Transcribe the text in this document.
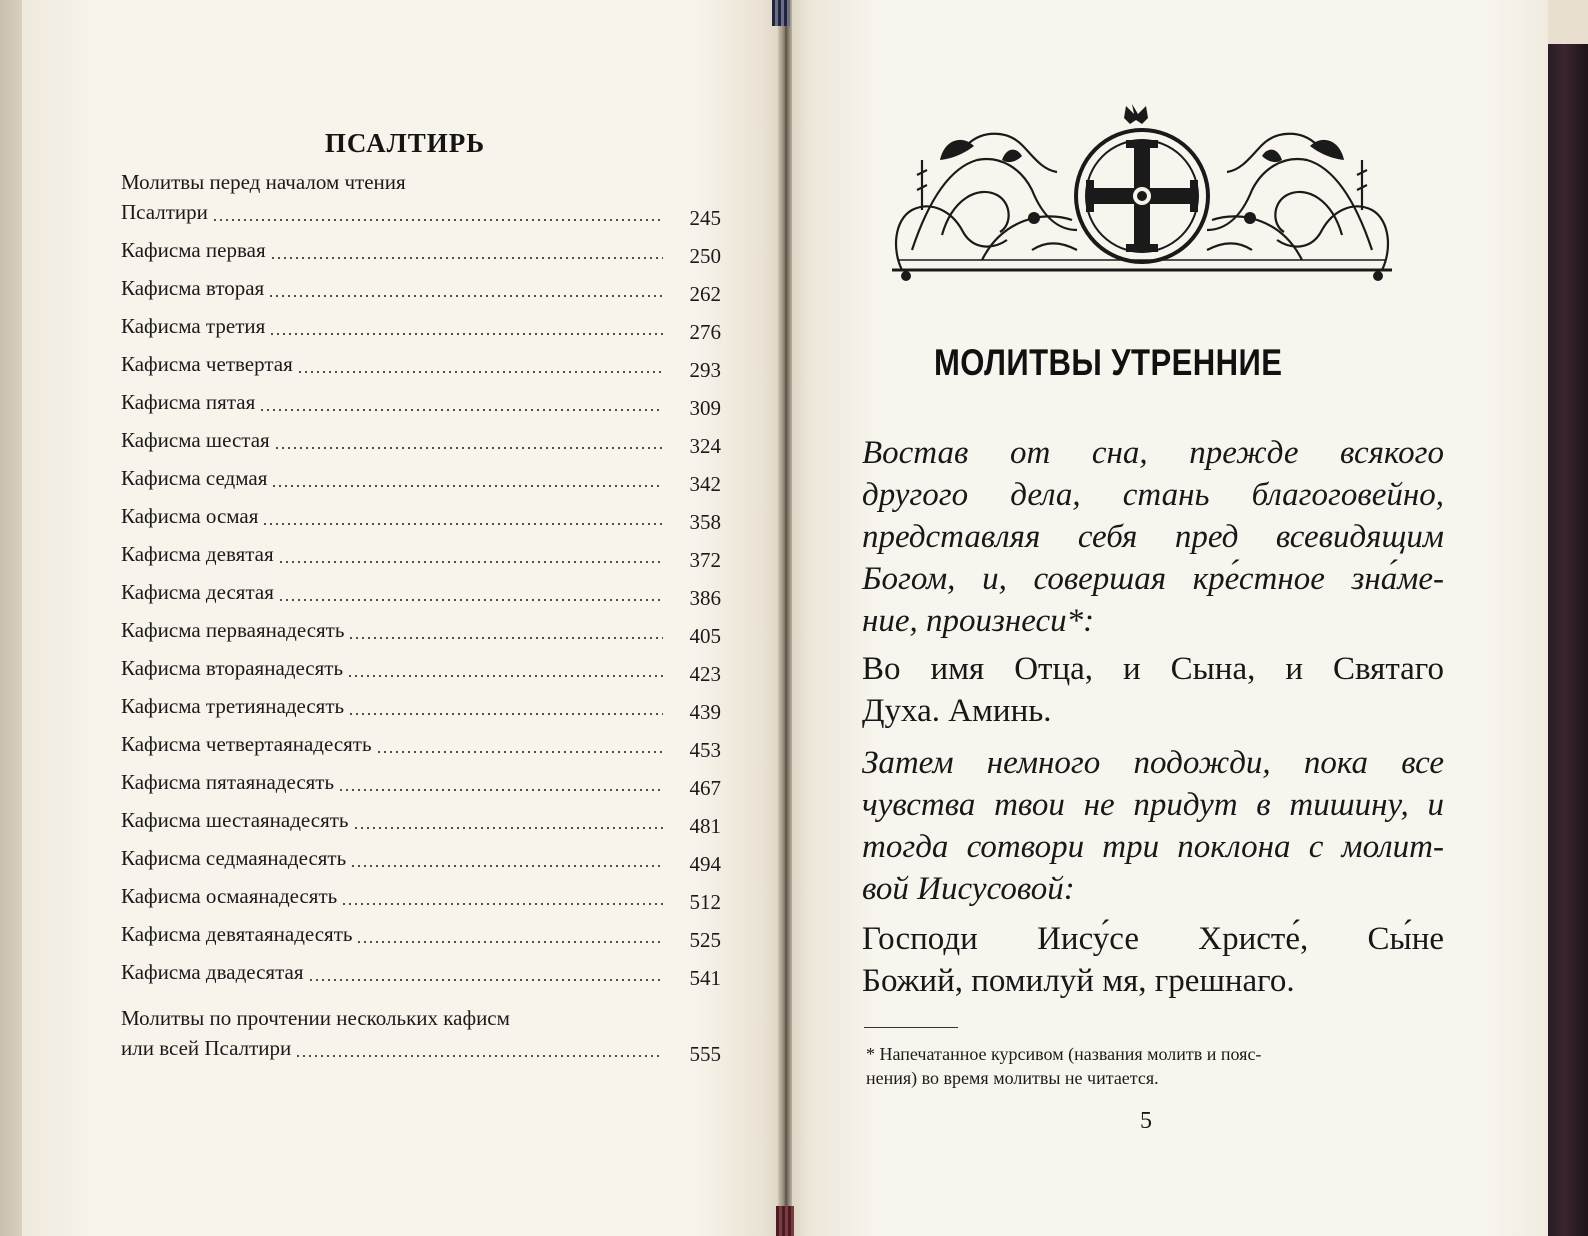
ПСАЛТИРЬ
Молитвы перед началом чтения
Псалтири	245
Кафисма первая	250
Кафисма вторая	262
Кафисма третия	276
Кафисма четвертая	293
Кафисма пятая	309
Кафисма шестая	324
Кафисма седмая	342
Кафисма осмая	358
Кафисма девятая	372
Кафисма десятая	386
Кафисма перваянадесять	405
Кафисма втораянадесять	423
Кафисма третиянадесять	439
Кафисма четвертаянадесять	453
Кафисма пятаянадесять	467
Кафисма шестаянадесять	481
Кафисма седмаянадесять	494
Кафисма осмаянадесять	512
Кафисма девятаянадесять	525
Кафисма двадесятая	541
Молитвы по прочтении нескольких кафисм
или всей Псалтири	555
МОЛИТВЫ УТРЕННИЕ
Востав от сна, прежде всякого
другого дела, стань благоговейно,
представляя себя пред всевидящим
Богом, и, совершая кре́стное зна́ме-
ние, произнеси*:
Во имя Отца, и Сына, и Святаго
Духа. Аминь.
Затем немного подожди, пока все
чувства твои не придут в тишину, и
тогда сотвори три поклона с молит-
вой Иисусовой:
Господи Иису́се Христе́, Сы́не
Божий, помилуй мя, грешнаго.
* Напечатанное курсивом (названия молитв и пояс-
нения) во время молитвы не читается.
5
